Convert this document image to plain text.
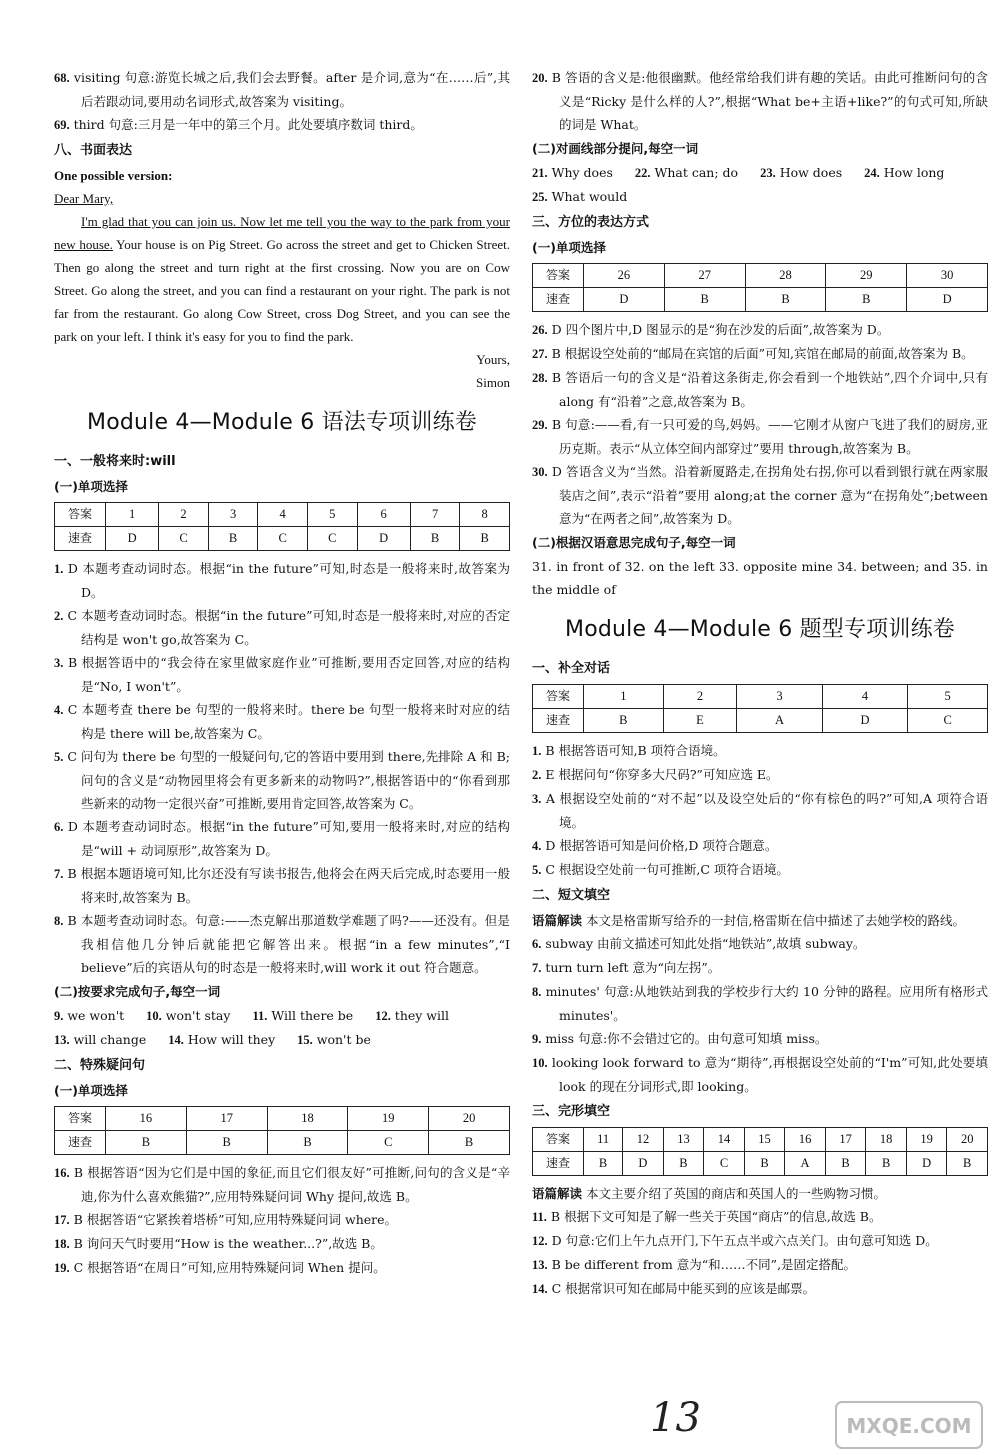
68. visiting 句意:游览长城之后,我们会去野餐。after 是介词,意为“在……后”,其后若跟动词,要用动名词形式,故答案为 visiting。

69. third 句意:三月是一年中的第三个月。此处要填序数词 third。

八、书面表达

One possible version:

Dear Mary,

I'm glad that you can join us. Now let me tell you the way to the park from your new house. Your house is on Pig Street. Go across the street and get to Chicken Street. Then go along the street and turn right at the first crossing. Now you are on Cow Street. Go along the street, and you can find a restaurant on your right. The park is not far from the restaurant. Go along Cow Street, cross Dog Street, and you can see the park on your left. I think it's easy for you to find the park.

Yours,

Simon

Module 4—Module 6 语法专项训练卷
一、一般将来时:will
(一)单项选择
答案	1	2	3	4	5	6	7	8
速查	D	C	B	C	C	D	B	B

1. D 本题考查动词时态。根据“in the future”可知,时态是一般将来时,故答案为 D。

2. C 本题考查动词时态。根据“in the future”可知,时态是一般将来时,对应的否定结构是 won't go,故答案为 C。

3. B 根据答语中的“我会待在家里做家庭作业”可推断,要用否定回答,对应的结构是“No, I won't”。

4. C 本题考查 there be 句型的一般将来时。there be 句型一般将来时对应的结构是 there will be,故答案为 C。

5. C 问句为 there be 句型的一般疑问句,它的答语中要用到 there,先排除 A 和 B;问句的含义是“动物园里将会有更多新来的动物吗?”,根据答语中的“你看到那些新来的动物一定很兴奋”可推断,要用肯定回答,故答案为 C。

6. D 本题考查动词时态。根据“in the future”可知,要用一般将来时,对应的结构是“will + 动词原形”,故答案为 D。

7. B 根据本题语境可知,比尔还没有写读书报告,他将会在两天后完成,时态要用一般将来时,故答案为 B。

8. B 本题考查动词时态。句意:——杰克解出那道数学难题了吗?——还没有。但是我相信他几分钟后就能把它解答出来。根据“in a few minutes”,“I believe”后的宾语从句的时态是一般将来时,will work it out 符合题意。

(二)按要求完成句子,每空一词
9. we won't 10. won't stay 11. Will there be 12. they will
13. will change 14. How will they 15. won't be
二、特殊疑问句
(一)单项选择
答案	16	17	18	19	20
速查	B	B	B	C	B

16. B 根据答语“因为它们是中国的象征,而且它们很友好”可推断,问句的含义是“辛迪,你为什么喜欢熊猫?”,应用特殊疑问词 Why 提问,故选 B。

17. B 根据答语“它紧挨着塔桥”可知,应用特殊疑问词 where。

18. B 询问天气时要用“How is the weather...?”,故选 B。

19. C 根据答语“在周日”可知,应用特殊疑问词 When 提问。

20. B 答语的含义是:他很幽默。他经常给我们讲有趣的笑话。由此可推断问句的含义是“Ricky 是什么样的人?”,根据“What be+主语+like?”的句式可知,所缺的词是 What。

(二)对画线部分提问,每空一词
21. Why does 22. What can; do 23. How does 24. How long
25. What would
三、方位的表达方式
(一)单项选择
答案	26	27	28	29	30
速查	D	B	B	B	D

26. D 四个图片中,D 图显示的是“狗在沙发的后面”,故答案为 D。

27. B 根据设空处前的“邮局在宾馆的后面”可知,宾馆在邮局的前面,故答案为 B。

28. B 答语后一句的含义是“沿着这条街走,你会看到一个地铁站”,四个介词中,只有 along 有“沿着”之意,故答案为 B。

29. B 句意:——看,有一只可爱的鸟,妈妈。——它刚才从窗户飞进了我们的厨房,亚历克斯。表示“从立体空间内部穿过”要用 through,故答案为 B。

30. D 答语含义为“当然。沿着新厦路走,在拐角处右拐,你可以看到银行就在两家服装店之间”,表示“沿着”要用 along;at the corner 意为“在拐角处”;between 意为“在两者之间”,故答案为 D。

(二)根据汉语意思完成句子,每空一词

31. in front of 32. on the left 33. opposite mine 34. between; and 35. in the middle of

Module 4—Module 6 题型专项训练卷
一、补全对话
答案	1	2	3	4	5
速查	B	E	A	D	C

1. B 根据答语可知,B 项符合语境。

2. E 根据问句“你穿多大尺码?”可知应选 E。

3. A 根据设空处前的“对不起”以及设空处后的“你有棕色的吗?”可知,A 项符合语境。

4. D 根据答语可知是问价格,D 项符合题意。

5. C 根据设空处前一句可推断,C 项符合语境。

二、短文填空

语篇解读 本文是格雷斯写给乔的一封信,格雷斯在信中描述了去她学校的路线。

6. subway 由前文描述可知此处指“地铁站”,故填 subway。

7. turn turn left 意为“向左拐”。

8. minutes' 句意:从地铁站到我的学校步行大约 10 分钟的路程。应用所有格形式 minutes'。

9. miss 句意:你不会错过它的。由句意可知填 miss。

10. looking look forward to 意为“期待”,再根据设空处前的“I'm”可知,此处要填 look 的现在分词形式,即 looking。

三、完形填空
答案	11	12	13	14	15	16	17	18	19	20
速查	B	D	B	C	B	A	B	B	D	B

语篇解读 本文主要介绍了英国的商店和英国人的一些购物习惯。

11. B 根据下文可知是了解一些关于英国“商店”的信息,故选 B。

12. D 句意:它们上午九点开门,下午五点半或六点关门。由句意可知选 D。

13. B be different from 意为“和……不同”,是固定搭配。

14. C 根据常识可知在邮局中能买到的应该是邮票。

13	MXQE.COM
